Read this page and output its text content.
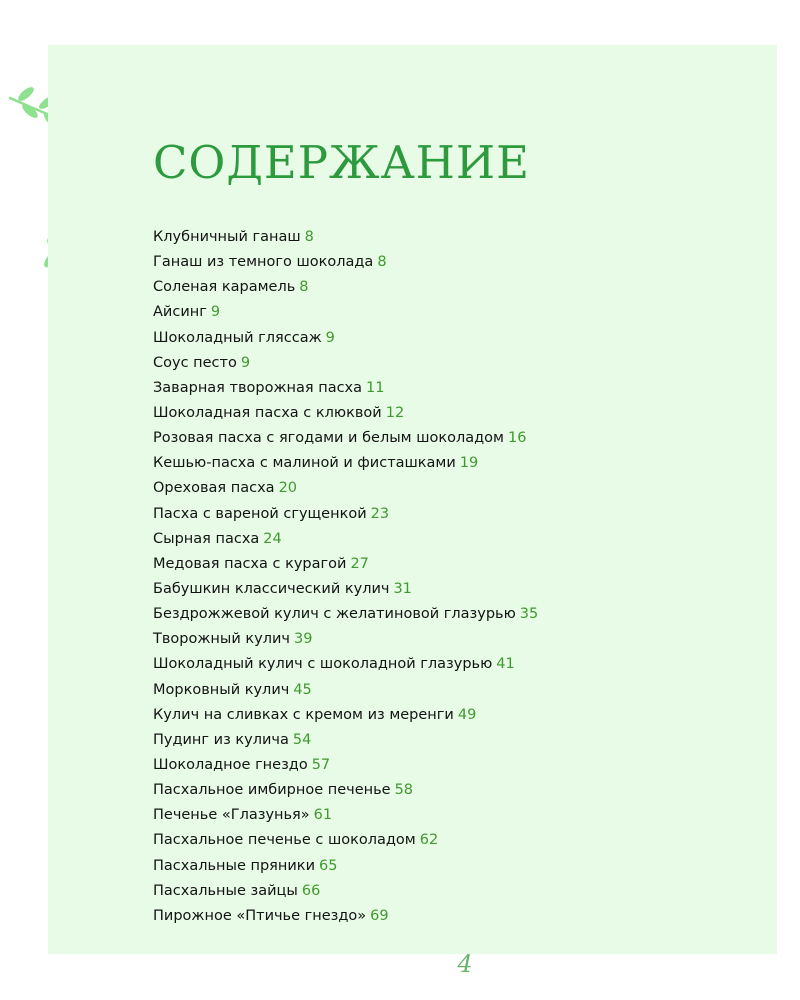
СОДЕРЖАНИЕ
Клубничный ганаш 8
Ганаш из темного шоколада 8
Соленая карамель 8
Айсинг 9
Шоколадный глясcаж 9
Соус песто 9
Заварная творожная пасха 11
Шоколадная пасха с клюквой 12
Розовая пасха с ягодами и белым шоколадом 16
Кешью-пасха с малиной и фисташками 19
Ореховая пасха 20
Пасха с вареной сгущенкой 23
Сырная пасха 24
Медовая пасха с курагой 27
Бабушкин классический кулич 31
Бездрожжевой кулич с желатиновой глазурью 35
Творожный кулич 39
Шоколадный кулич с шоколадной глазурью 41
Морковный кулич 45
Кулич на сливках с кремом из меренги 49
Пудинг из кулича 54
Шоколадное гнездо 57
Пасхальное имбирное печенье 58
Печенье «Глазунья» 61
Пасхальное печенье с шоколадом 62
Пасхальные пряники 65
Пасхальные зайцы 66
Пирожное «Птичье гнездо» 69
4
